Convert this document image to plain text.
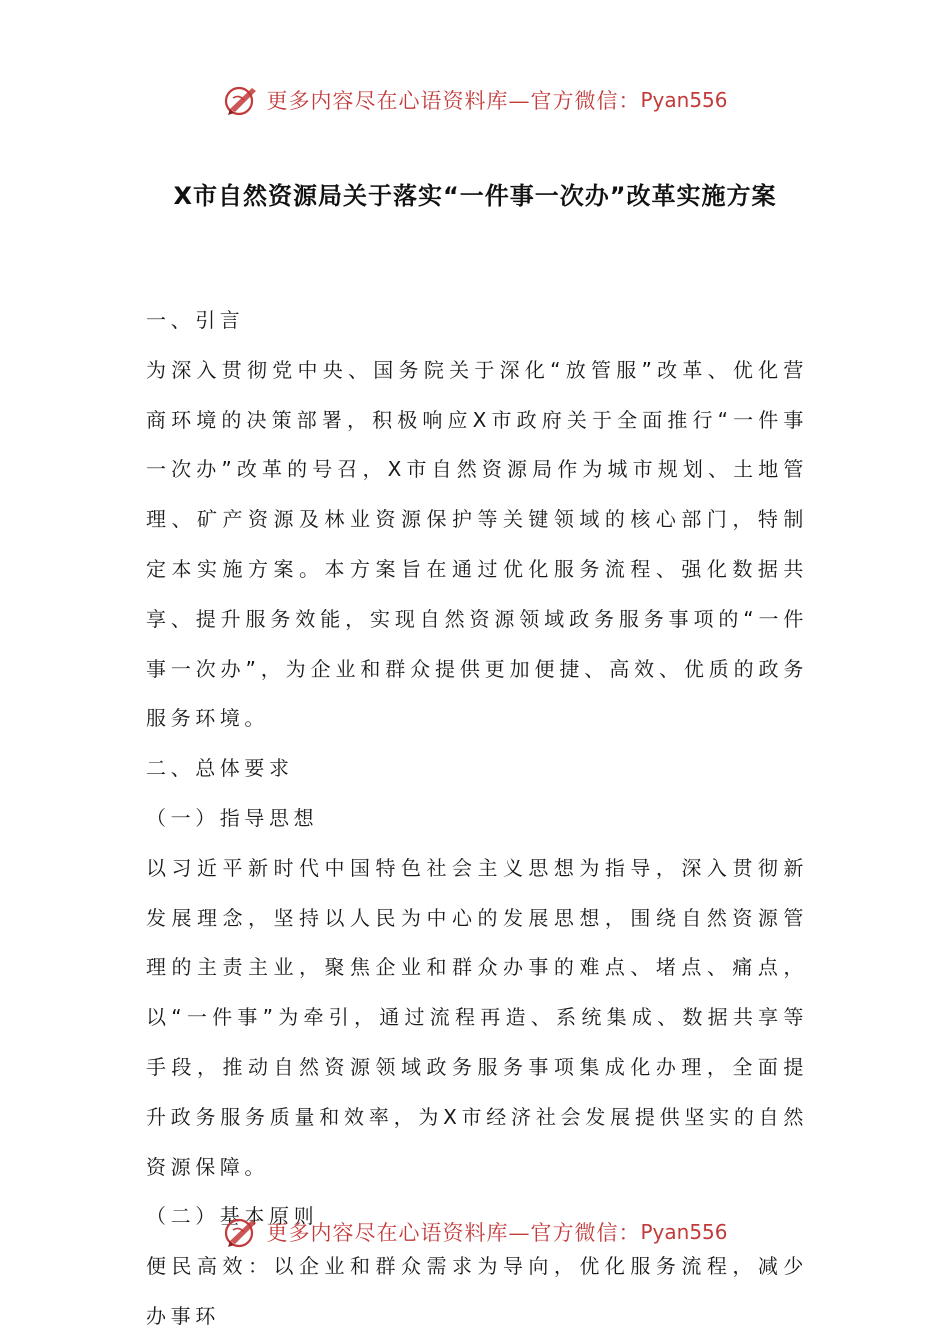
更多内容尽在心语资料库—官方微信： Pyan556
X市自然资源局关于落实“一件事一次办”改革实施方案

一、引言

为深入贯彻党中央、国务院关于深化“放管服”改革、优化营商环境的决策部署，积极响应X市政府关于全面推行“一件事一次办”改革的号召，X市自然资源局作为城市规划、土地管理、矿产资源及林业资源保护等关键领域的核心部门，特制定本实施方案。本方案旨在通过优化服务流程、强化数据共享、提升服务效能，实现自然资源领域政务服务事项的“一件事一次办”，为企业和群众提供更加便捷、高效、优质的政务服务环境。

二、总体要求

（一）指导思想

以习近平新时代中国特色社会主义思想为指导，深入贯彻新发展理念，坚持以人民为中心的发展思想，围绕自然资源管理的主责主业，聚焦企业和群众办事的难点、堵点、痛点，以“一件事”为牵引，通过流程再造、系统集成、数据共享等手段，推动自然资源领域政务服务事项集成化办理，全面提升政务服务质量和效率，为X市经济社会发展提供坚实的自然资源保障。

（二）基本原则

便民高效：以企业和群众需求为导向，优化服务流程，减少办事环

更多内容尽在心语资料库—官方微信： Pyan556
